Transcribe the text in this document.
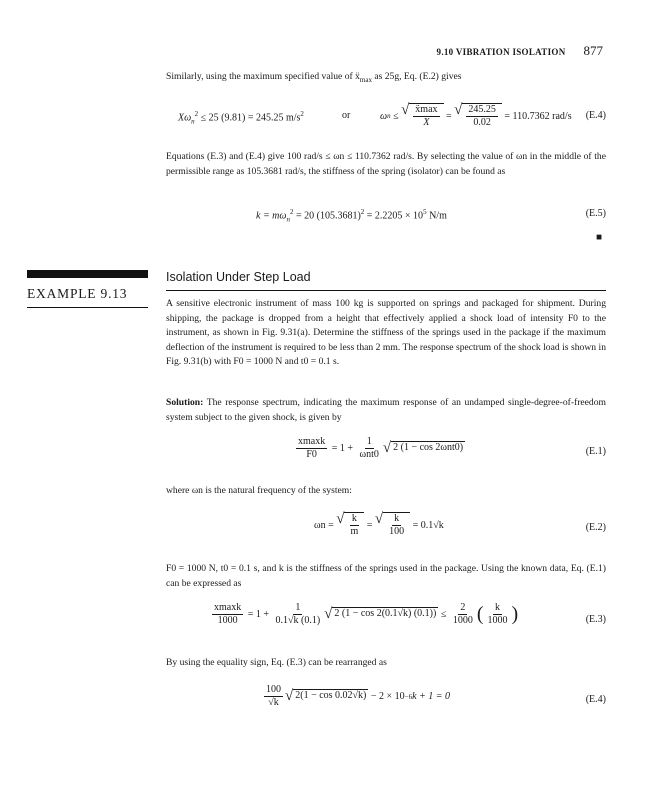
9.10 VIBRATION ISOLATION 877
Similarly, using the maximum specified value of ẍ$_{max}$ as 25g, Eq. (E.2) gives
$X\omega_n^2 \le 25$ (9.81) = 245.25 $m/s^2$	or	ω n
≤
√ $\frac{\text{ẍmax}}{X}$
=
√ $\frac{245.25}{0.02}$
= 110.7362 rad/s (E.4)
Equations (E.3) and (E.4) give 100 rad/s ≤ ωn ≤ 110.7362 rad/s. By selecting the value of ωn in the middle of the permissible range as 105.3681 rad/s, the stiffness of the spring (isolator) can be found as
$k = m\omega_n^2 = 20$ $(105.3681)^2 = 2.2205 \times 10^5$ N/m	(E.5)
■
EXAMPLE 9.13
Isolation Under Step Load
A sensitive electronic instrument of mass 100 kg is supported on springs and packaged for shipment. During shipping, the package is dropped from a height that effectively applied a shock load of intensity F0 to the instrument, as shown in Fig. 9.31(a). Determine the stiffness of the springs used in the package if the maximum deflection of the instrument is required to be less than 2 mm. The response spectrum of the shock load is shown in Fig. 9.31(b) with F0 = 1000 N and t0 = 0.1 s.
Solution: The response spectrum, indicating the maximum response of an undamped single-degree-of-freedom system subject to the given shock, is given by
$\frac{xmaxk}{F0}$
= 1 +
$\frac{1}{\text{ωnt0}}$ √ 2 (1 − cos 2ωnt0)	(E.1)
where ωn is the natural frequency of the system:
ωn =
√ $\frac{k}{m}$
=
√ $\frac{k}{100}$
= 0.1√k	(E.2)
F0 = 1000 N, t0 = 0.1 s, and k is the stiffness of the springs used in the package. Using the known data, Eq. (E.1) can be expressed as
$\frac{xmaxk}{1000}$
= 1 +
$\frac{1}{0.1√k (0.1)}$ √ 2 (1 − cos 2(0.1√k) (0.1))
≤
$\frac{2}{1000}$ ( $\frac{k}{1000}$ )	(E.3)
By using the equality sign, Eq. (E.3) can be rearranged as
$\frac{100}{√k}$ √ 2(1 − cos 0.02√k)
− 2 × 10 −6 k + 1 = 0	(E.4)
